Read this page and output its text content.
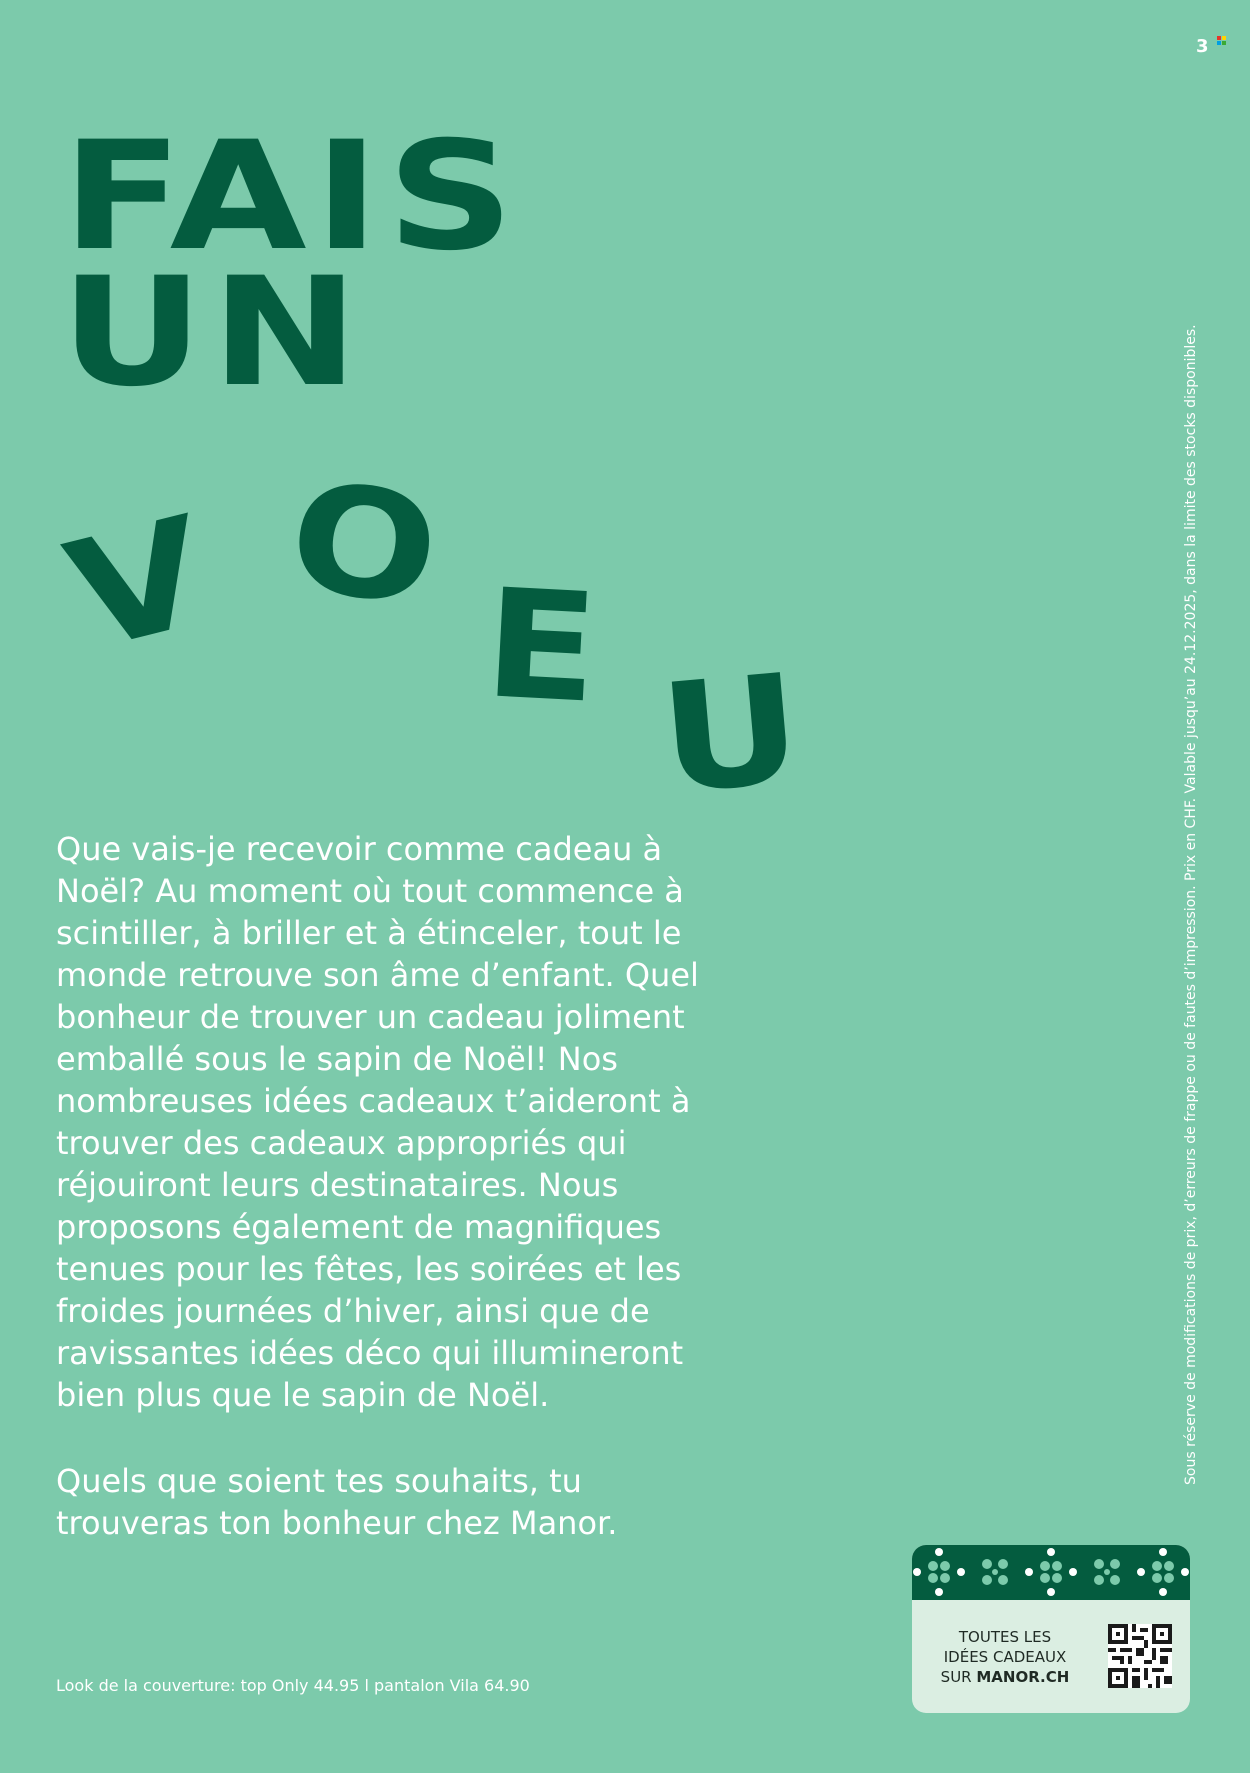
3
FAIS
UN
V O
E U

Que vais-je recevoir comme cadeau à Noël? Au moment où tout commence à scintiller, à briller et à étinceler, tout le monde retrouve son âme d’enfant. Quel bonheur de trouver un cadeau joliment emballé sous le sapin de Noël! Nos nombreuses idées cadeaux t’aideront à trouver des cadeaux appropriés qui réjouiront leurs destinataires. Nous proposons également de magnifiques tenues pour les fêtes, les soirées et les froides journées d’hiver, ainsi que de ravissantes idées déco qui illumineront bien plus que le sapin de Noël.

Quels que soient tes souhaits, tu trouveras ton bonheur chez Manor.

Look de la couverture: top Only 44.95 l pantalon Vila 64.90
Sous réserve de modifications de prix, d’erreurs de frappe ou de fautes d’impression. Prix en CHF. Valable jusqu’au 24.12.2025, dans la limite des stocks disponibles.
TOUTES LES
IDÉES CADEAUX
SUR MANOR.CH
